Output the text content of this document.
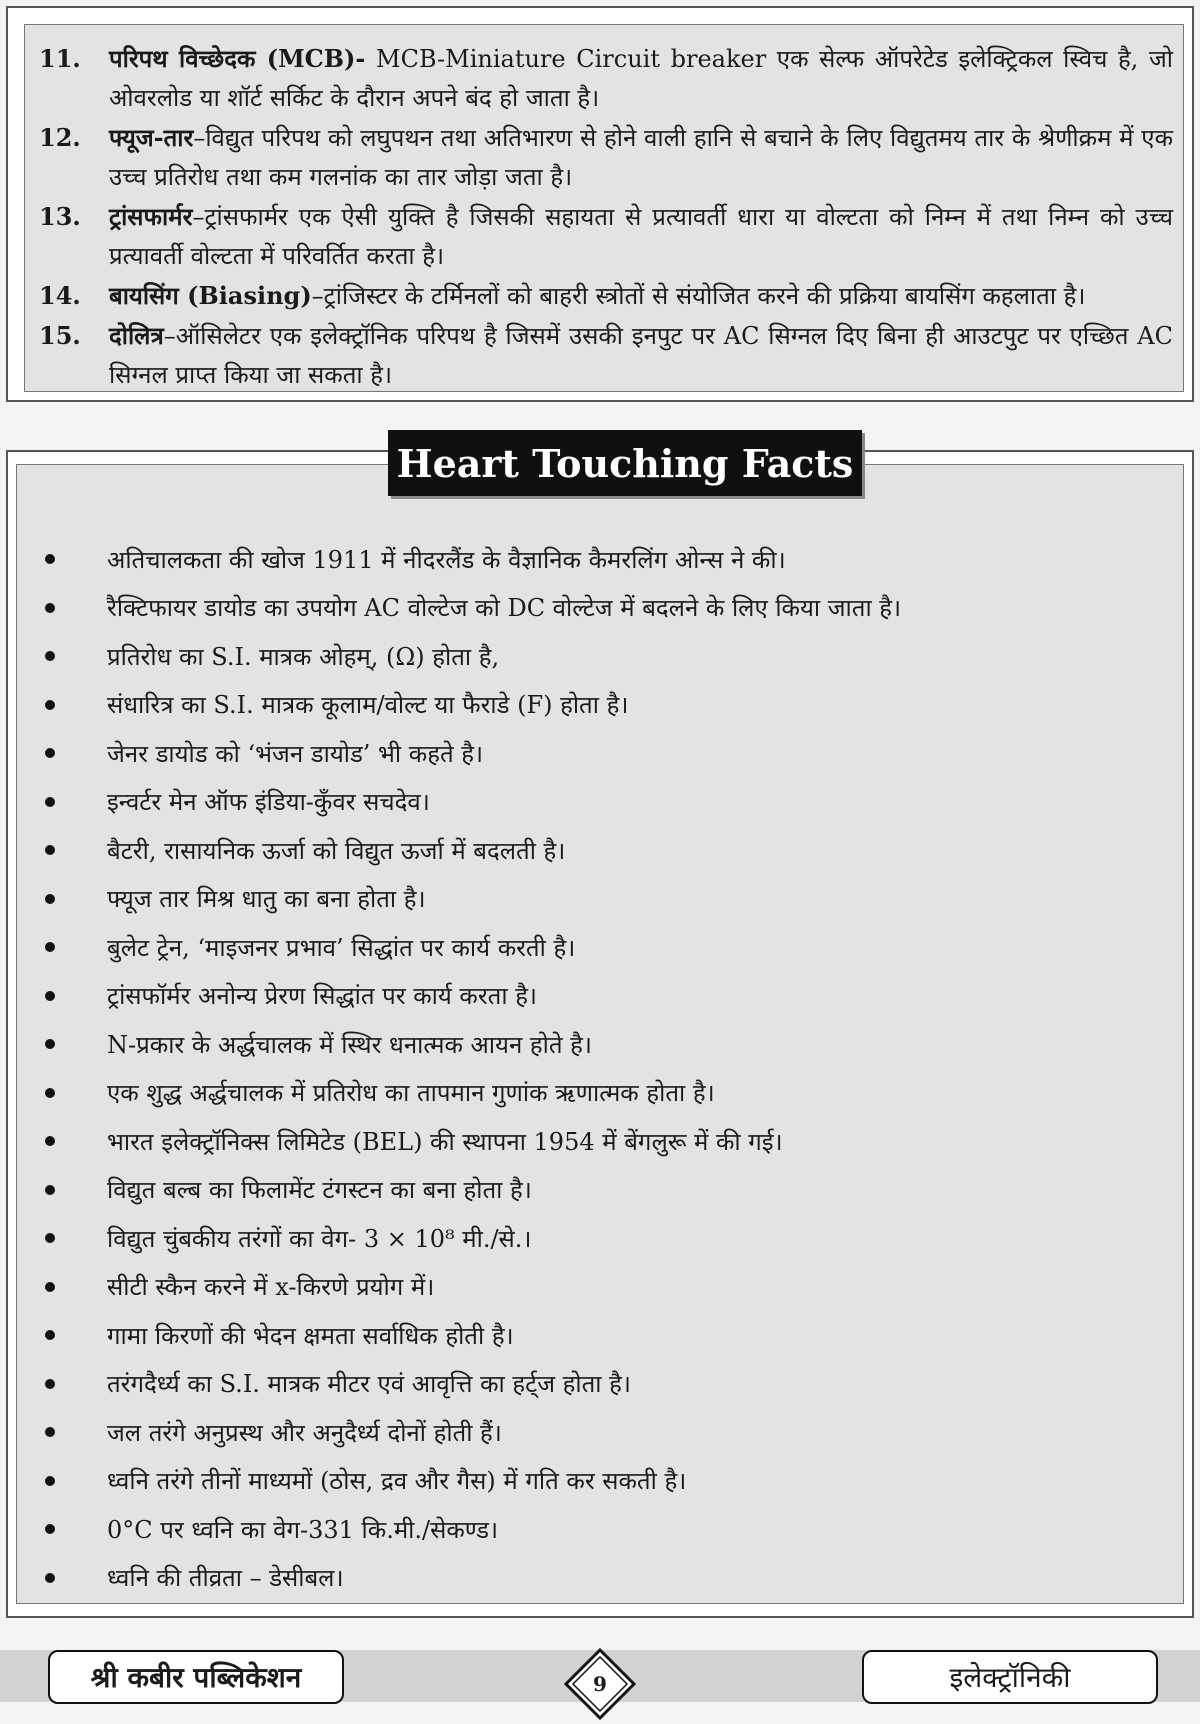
11.	परिपथ विच्छेदक (MCB)- MCB-Miniature Circuit breaker एक सेल्फ ऑपरेटेड इलेक्ट्रिकल स्विच है, जो ओवरलोड या शॉर्ट सर्किट के दौरान अपने बंद हो जाता है।
12.	फ्यूज-तार–विद्युत परिपथ को लघुपथन तथा अतिभारण से होने वाली हानि से बचाने के लिए विद्युतमय तार के श्रेणीक्रम में एक उच्च प्रतिरोध तथा कम गलनांक का तार जोड़ा जता है।
13.	ट्रांसफार्मर–ट्रांसफार्मर एक ऐसी युक्ति है जिसकी सहायता से प्रत्यावर्ती धारा या वोल्टता को निम्न में तथा निम्न को उच्च प्रत्यावर्ती वोल्टता में परिवर्तित करता है।
14.	बायसिंग (Biasing)–ट्रांजिस्टर के टर्मिनलों को बाहरी स्त्रोतों से संयोजित करने की प्रक्रिया बायसिंग कहलाता है।
15.	दोलित्र–ऑसिलेटर एक इलेक्ट्रॉनिक परिपथ है जिसमें उसकी इनपुट पर AC सिग्नल दिए बिना ही आउटपुट पर एच्छित AC सिग्नल प्राप्त किया जा सकता है।
अतिचालकता की खोज 1911 में नीदरलैंड के वैज्ञानिक कैमरलिंग ओन्स ने की।
रैक्टिफायर डायोड का उपयोग AC वोल्टेज को DC वोल्टेज में बदलने के लिए किया जाता है।
प्रतिरोध का S.I. मात्रक ओहम्, (Ω) होता है,
संधारित्र का S.I. मात्रक कूलाम/वोल्ट या फैराडे (F) होता है।
जेनर डायोड को ‘भंजन डायोड’ भी कहते है।
इन्वर्टर मेन ऑफ इंडिया-कुँवर सचदेव।
बैटरी, रासायनिक ऊर्जा को विद्युत ऊर्जा में बदलती है।
फ्यूज तार मिश्र धातु का बना होता है।
बुलेट ट्रेन, ‘माइजनर प्रभाव’ सिद्धांत पर कार्य करती है।
ट्रांसफॉर्मर अनोन्य प्रेरण सिद्धांत पर कार्य करता है।
N-प्रकार के अर्द्धचालक में स्थिर धनात्मक आयन होते है।
एक शुद्ध अर्द्धचालक में प्रतिरोध का तापमान गुणांक ऋणात्मक होता है।
भारत इलेक्ट्रॉनिक्स लिमिटेड (BEL) की स्थापना 1954 में बेंगलुरू में की गई।
विद्युत बल्ब का फिलामेंट टंगस्टन का बना होता है।
विद्युत चुंबकीय तरंगों का वेग- 3 × 10⁸ मी./से.।
सीटी स्कैन करने में x-किरणे प्रयोग में।
गामा किरणों की भेदन क्षमता सर्वाधिक होती है।
तरंगदैर्ध्य का S.I. मात्रक मीटर एवं आवृत्ति का हर्ट्ज होता है।
जल तरंगे अनुप्रस्थ और अनुदैर्ध्य दोनों होती हैं।
ध्वनि तरंगे तीनों माध्यमों (ठोस, द्रव और गैस) में गति कर सकती है।
0°C पर ध्वनि का वेग-331 कि.मी./सेकण्ड।
ध्वनि की तीव्रता – डेसीबल।
Heart Touching Facts
श्री कबीर पब्लिकेशन	9	इलेक्ट्रॉनिकी
